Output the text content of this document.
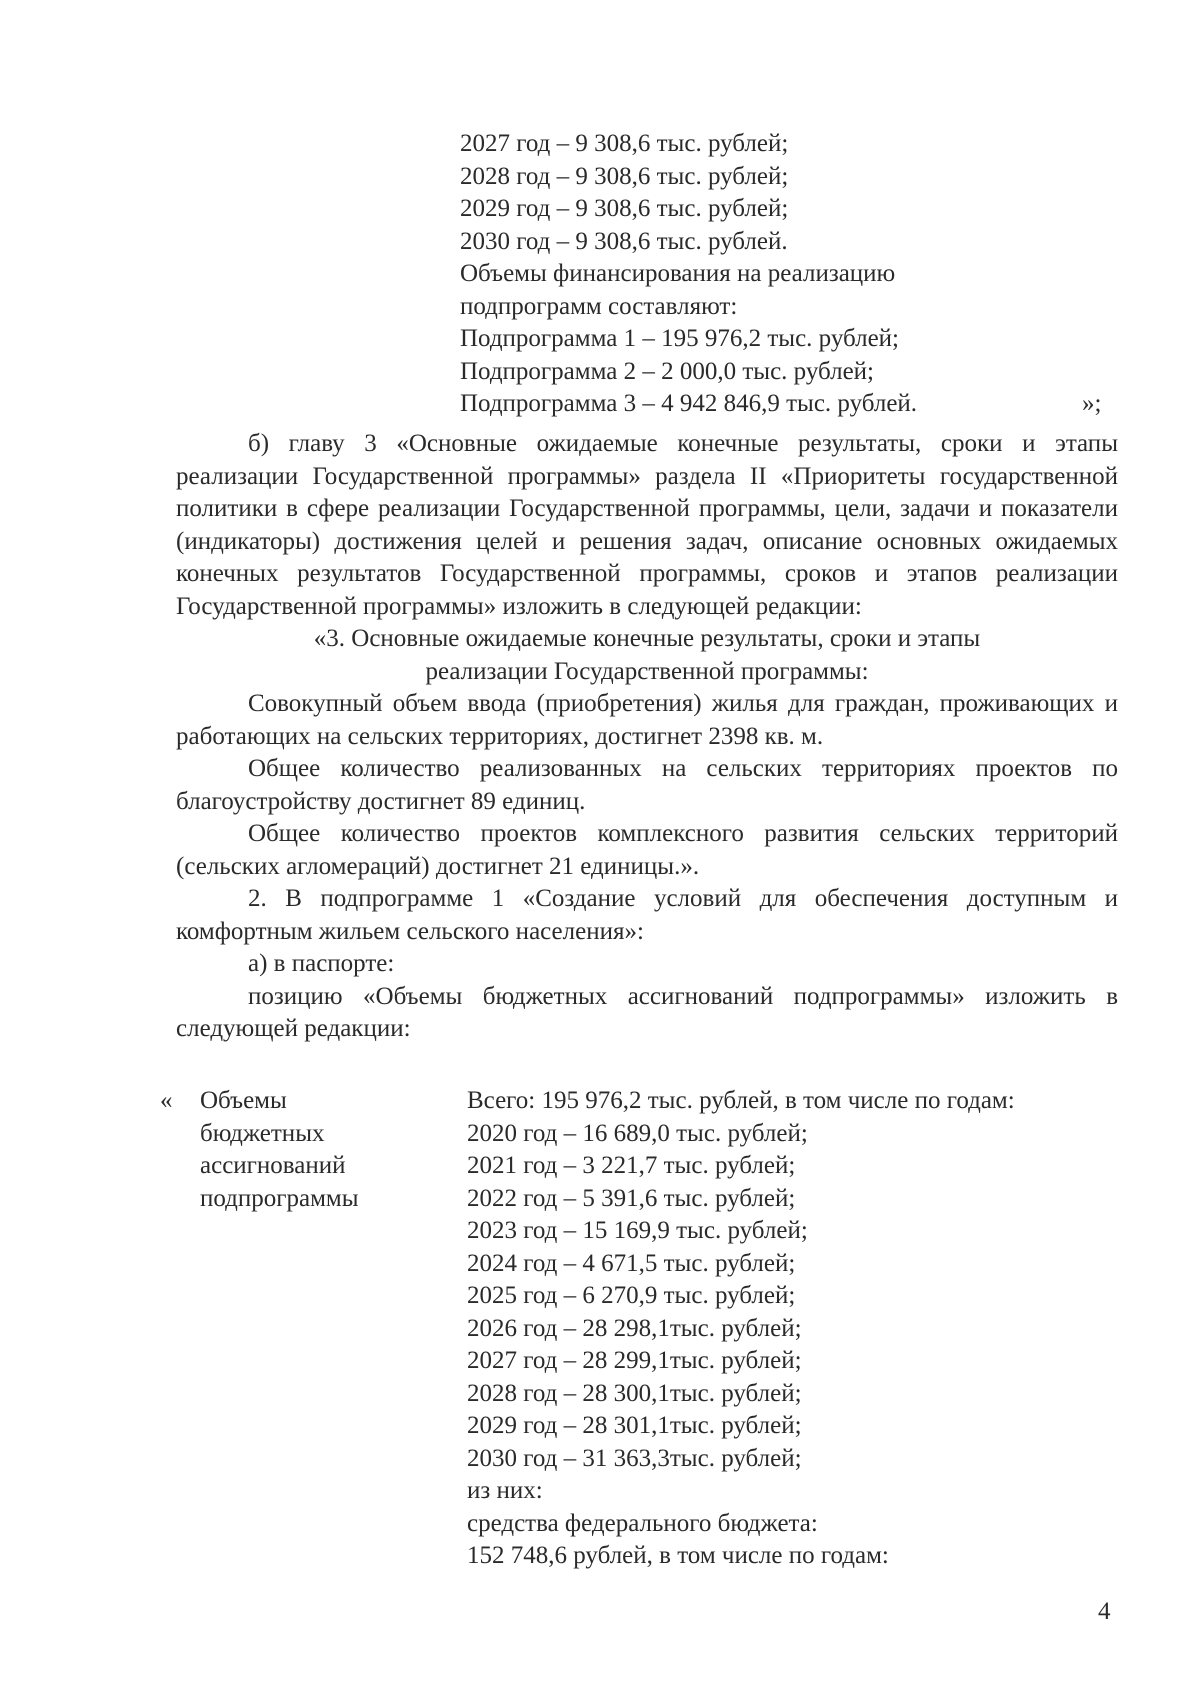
2027 год – 9 308,6 тыс. рублей;
2028 год – 9 308,6 тыс. рублей;
2029 год – 9 308,6 тыс. рублей;
2030 год – 9 308,6 тыс. рублей.
Объемы финансирования на реализацию
подпрограмм составляют:
Подпрограмма 1 – 195 976,2 тыс. рублей;
Подпрограмма 2 – 2 000,0 тыс. рублей;
Подпрограмма 3 – 4 942 846,9 тыс. рублей.	»;

б) главу 3 «Основные ожидаемые конечные результаты, сроки и этапы реализации Государственной программы» раздела II «Приоритеты государственной политики в сфере реализации Государственной программы, цели, задачи и показатели (индикаторы) достижения целей и решения задач, описание основных ожидаемых конечных результатов Государственной программы, сроков и этапов реализации Государственной программы» изложить в следующей редакции:

«3. Основные ожидаемые конечные результаты, сроки и этапы

реализации Государственной программы:

Совокупный объем ввода (приобретения) жилья для граждан, проживающих и работающих на сельских территориях, достигнет 2398 кв. м.

Общее количество реализованных на сельских территориях проектов по благоустройству достигнет 89 единиц.

Общее количество проектов комплексного развития сельских территорий (сельских агломераций) достигнет 21 единицы.».

2. В подпрограмме 1 «Создание условий для обеспечения доступным и комфортным жильем сельского населения»:

а) в паспорте:

позицию «Объемы бюджетных ассигнований подпрограммы» изложить в следующей редакции:

« Объемы
бюджетных
ассигнований
подпрограммы
Всего: 195 976,2 тыс. рублей, в том числе по годам:
2020 год – 16 689,0 тыс. рублей;
2021 год – 3 221,7 тыс. рублей;
2022 год – 5 391,6 тыс. рублей;
2023 год – 15 169,9 тыс. рублей;
2024 год – 4 671,5 тыс. рублей;
2025 год – 6 270,9 тыс. рублей;
2026 год – 28 298,1тыс. рублей;
2027 год – 28 299,1тыс. рублей;
2028 год – 28 300,1тыс. рублей;
2029 год – 28 301,1тыс. рублей;
2030 год – 31 363,3тыс. рублей;
из них:
средства федерального бюджета:
152 748,6 рублей, в том числе по годам:
4
